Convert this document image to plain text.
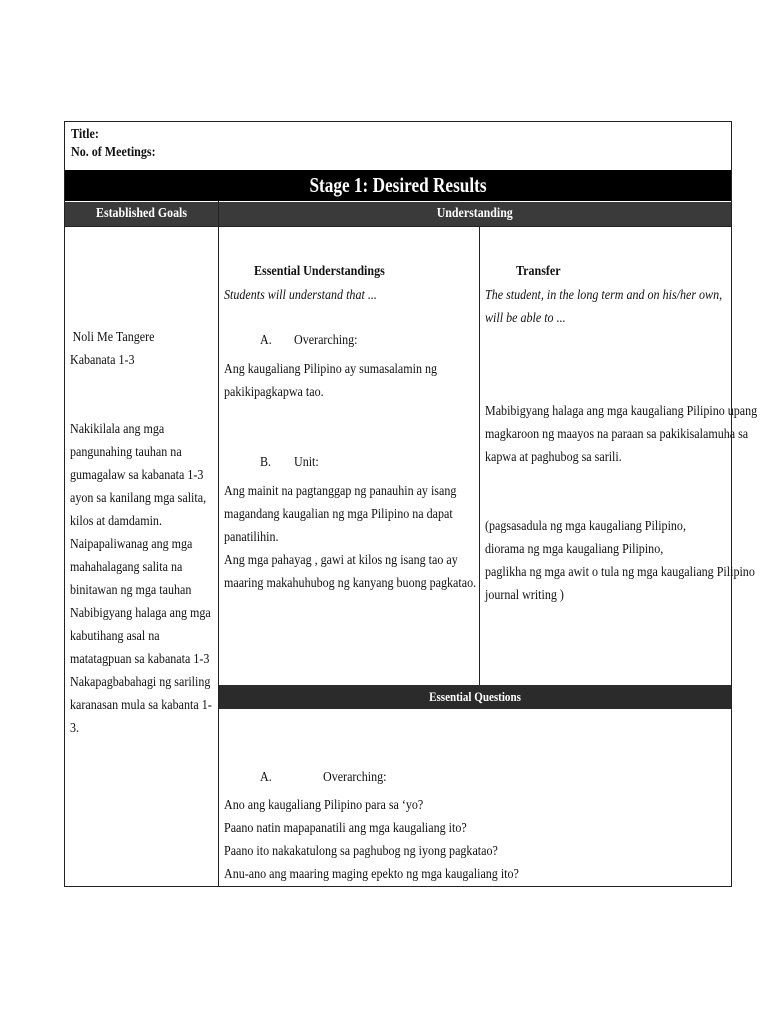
Title:
No. of Meetings:
Stage 1: Desired Results
Established Goals	Understanding
Noli Me Tangere
Kabanata 1-3
Nakikilala ang mga
pangunahing tauhan na
gumagalaw sa kabanata 1-3
ayon sa kanilang mga salita,
kilos at damdamin.
Naipapaliwanag ang mga
mahahalagang salita na
binitawan ng mga tauhan
Nabibigyang halaga ang mga
kabutihang asal na
matatagpuan sa kabanata 1-3
Nakapagbabahagi ng sariling
karanasan mula sa kabanta 1-
3.
Essential Understandings
Students will understand that ...
A. Overarching:
Ang kaugaliang Pilipino ay sumasalamin ng
pakikipagkapwa tao.
B. Unit:
Ang mainit na pagtanggap ng panauhin ay isang
magandang kaugalian ng mga Pilipino na dapat
panatilihin.
Ang mga pahayag , gawi at kilos ng isang tao ay
maaring makahuhubog ng kanyang buong pagkatao.
Transfer
The student, in the long term and on his/her own,
will be able to ...
Mabibigyang halaga ang mga kaugaliang Pilipino upang
magkaroon ng maayos na paraan sa pakikisalamuha sa
kapwa at paghubog sa sarili.
(pagsasadula ng mga kaugaliang Pilipino,
diorama ng mga kaugaliang Pilipino,
paglikha ng mga awit o tula ng mga kaugaliang Pilipino
journal writing )
Essential Questions
A.	Overarching:
Ano ang kaugaliang Pilipino para sa ‘yo?
Paano natin mapapanatili ang mga kaugaliang ito?
Paano ito nakakatulong sa paghubog ng iyong pagkatao?
Anu-ano ang maaring maging epekto ng mga kaugaliang ito?
